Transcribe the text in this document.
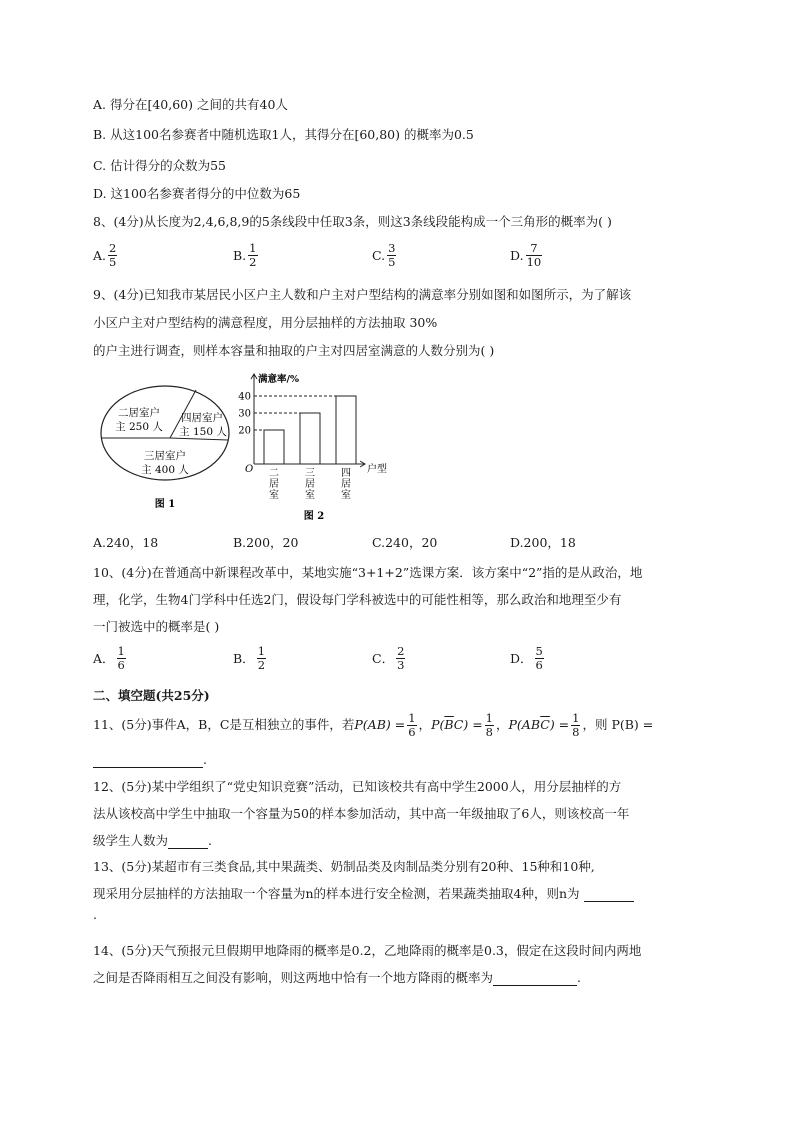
A. 得分在[40,60) 之间的共有40人
B. 从这100名参赛者中随机选取1人，其得分在[60,80) 的概率为0.5
C. 估计得分的众数为55
D. 这100名参赛者得分的中位数为65
8、(4分)从长度为2,4,6,8,9的5条线段中任取3条，则这3条线段能构成一个三角形的概率为( )
A. $\frac{2}{5}$	B. $\frac{1}{2}$	C. $\frac{3}{5}$	D. $\frac{7}{10}$
9、(4分)已知我市某居民小区户主人数和户主对户型结构的满意率分别如图和如图所示，为了解该
小区户主对户型结构的满意程度，用分层抽样的方法抽取 30%
的户主进行调查，则样本容量和抽取的户主对四居室满意的人数分别为( )
二居室户
主 250 人
四居室户
主 150 人
三居室户
主 400 人
图 1
满意率/%
户型
O 二
居
室
三
居
室
四
居
室
20
30
40
图 2
A.240，18	B.200，20	C.240，20	D.200，18
10、(4分)在普通高中新课程改革中，某地实施“3+1+2”选课方案．该方案中“2”指的是从政治，地
理，化学，生物4门学科中任选2门，假设每门学科被选中的可能性相等，那么政治和地理至少有
一门被选中的概率是( )
A． $\frac{1}{6}$	B． $\frac{1}{2}$	C． $\frac{2}{3}$	D． $\frac{5}{6}$
二、填空题(共25分)
11、(5分)事件A，B，C是互相独立的事件，若$P(AB) = \frac{1}{6}$ ，$P(\overline{B}C) = \frac{1}{8}$ ，$P(AB\overline{C}) = \frac{1}{8}$ ，则 P(B) =
.
12、(5分)某中学组织了“党史知识竞赛”活动，已知该校共有高中学生2000人，用分层抽样的方
法从该校高中学生中抽取一个容量为50的样本参加活动，其中高一年级抽取了6人，则该校高一年
级学生人数为	.
13、(5分)某超市有三类食品,其中果蔬类、奶制品类及肉制品类分别有20种、15种和10种,
现采用分层抽样的方法抽取一个容量为n的样本进行安全检测，若果蔬类抽取4种，则n为
.
14、(5分)天气预报元旦假期甲地降雨的概率是0.2，乙地降雨的概率是0.3，假定在这段时间内两地
之间是否降雨相互之间没有影响，则这两地中恰有一个地方降雨的概率为	.
